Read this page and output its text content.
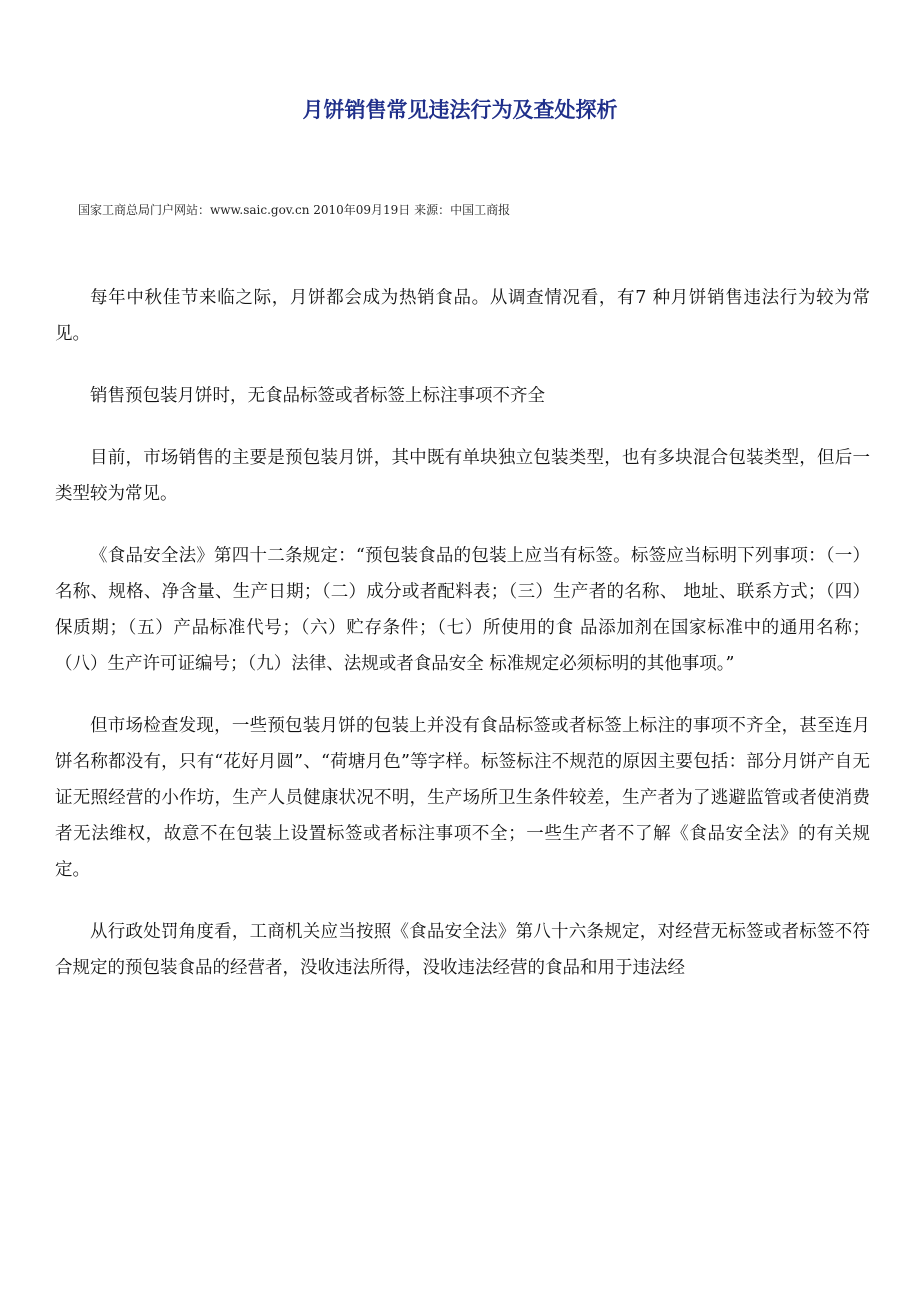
月饼销售常见违法行为及查处探析
国家工商总局门户网站：www.saic.gov.cn 2010年09月19日 来源：中国工商报

每年中秋佳节来临之际，月饼都会成为热销食品。从调查情况看，有7 种月饼销售违法行为较为常见。

销售预包装月饼时，无食品标签或者标签上标注事项不齐全

目前，市场销售的主要是预包装月饼，其中既有单块独立包装类型，也有多块混合包装类型，但后一类型较为常见。

《食品安全法》第四十二条规定：“预包装食品的包装上应当有标签。标签应当标明下列事项：（一）名称、规格、净含量、生产日期；（二）成分或者配料表；（三）生产者的名称、 地址、联系方式；（四）保质期；（五）产品标准代号；（六）贮存条件；（七）所使用的食 品添加剂在国家标准中的通用名称；（八）生产许可证编号；（九）法律、法规或者食品安全 标准规定必须标明的其他事项。”

但市场检查发现，一些预包装月饼的包装上并没有食品标签或者标签上标注的事项不齐全，甚至连月饼名称都没有，只有“花好月圆”、“荷塘月色”等字样。标签标注不规范的原因主要包括：部分月饼产自无证无照经营的小作坊，生产人员健康状况不明，生产场所卫生条件较差，生产者为了逃避监管或者使消费者无法维权，故意不在包装上设置标签或者标注事项不全；一些生产者不了解《食品安全法》的有关规定。

从行政处罚角度看，工商机关应当按照《食品安全法》第八十六条规定，对经营无标签或者标签不符合规定的预包装食品的经营者，没收违法所得，没收违法经营的食品和用于违法经
